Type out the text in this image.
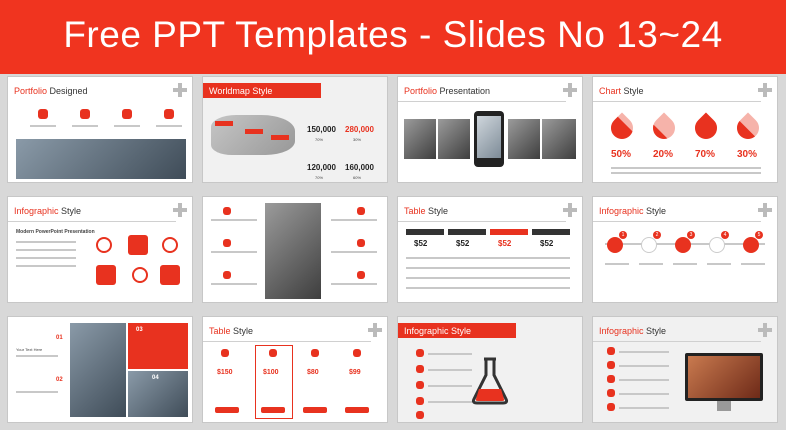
Free PPT Templates - Slides No 13~24
Portfolio Designed	Worldmap Style
150,000 280,000
120,000 160,000
70%	30%
70%	60%
Portfolio Presentation	Chart Style
50% 20% 70% 30%
Infographic Style
Modern PowerPoint Presentation
Table Style
$52	$52	$52	$52
Infographic Style
1	2	3	4	5
01
02
03
04
Your Text Here
Table Style
$150	$100	$80	$99
Infographic Style	Infographic Style
